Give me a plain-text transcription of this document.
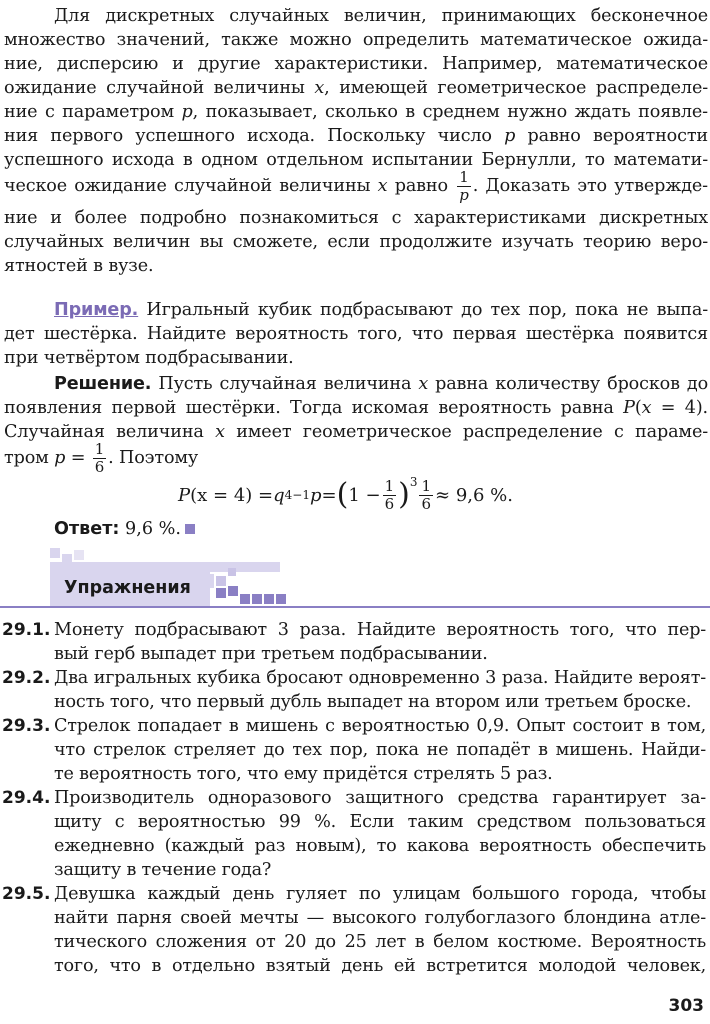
Для дискретных случайных величин, принимающих бесконечное
множество значений, также можно определить математическое ожида-
ние, дисперсию и другие характеристики. Например, математическое
ожидание случайной величины x, имеющей геометрическое распределе-
ние с параметром p, показывает, сколько в среднем нужно ждать появле-
ния первого успешного исхода. Поскольку число p равно вероятности
успешного исхода в одном отдельном испытании Бернулли, то математи-
ческое ожидание случайной величины x равно $\frac{1}{p}$ . Доказать это утвержде-
ние и более подробно познакомиться с характеристиками дискретных
случайных величин вы сможете, если продолжите изучать теорию веро-
ятностей в вузе.
Пример. Игральный кубик подбрасывают до тех пор, пока не выпа-
дет шестёрка. Найдите вероятность того, что первая шестёрка появится
при четвёртом подбрасывании.
Решение. Пусть случайная величина x равна количеству бросков до
появления первой шестёрки. Тогда искомая вероятность равна P(x = 4).
Случайная величина x имеет геометрическое распределение с параме-
тром $p = \frac{1}{6}$ . Поэтому
P (x = 4) = q 4−1 p = ( $1 - \frac{1}{6} )^3 \frac{1}{6} \approx 9,6$ %.
Ответ: 9,6 %.
Упражнения
29.1. Монету подбрасывают 3 раза. Найдите вероятность того, что пер-
вый герб выпадет при третьем подбрасывании.
29.2. Два игральных кубика бросают одновременно 3 раза. Найдите вероят-
ность того, что первый дубль выпадет на втором или третьем броске.
29.3. Стрелок попадает в мишень с вероятностью 0,9. Опыт состоит в том,
что стрелок стреляет до тех пор, пока не попадёт в мишень. Найди-
те вероятность того, что ему придётся стрелять 5 раз.
29.4. Производитель одноразового защитного средства гарантирует за-
щиту с вероятностью 99 %. Если таким средством пользоваться
ежедневно (каждый раз новым), то какова вероятность обеспечить
защиту в течение года?
29.5. Девушка каждый день гуляет по улицам большого города, чтобы
найти парня своей мечты — высокого голубоглазого блондина атле-
тического сложения от 20 до 25 лет в белом костюме. Вероятность
того, что в отдельно взятый день ей встретится молодой человек,
303
